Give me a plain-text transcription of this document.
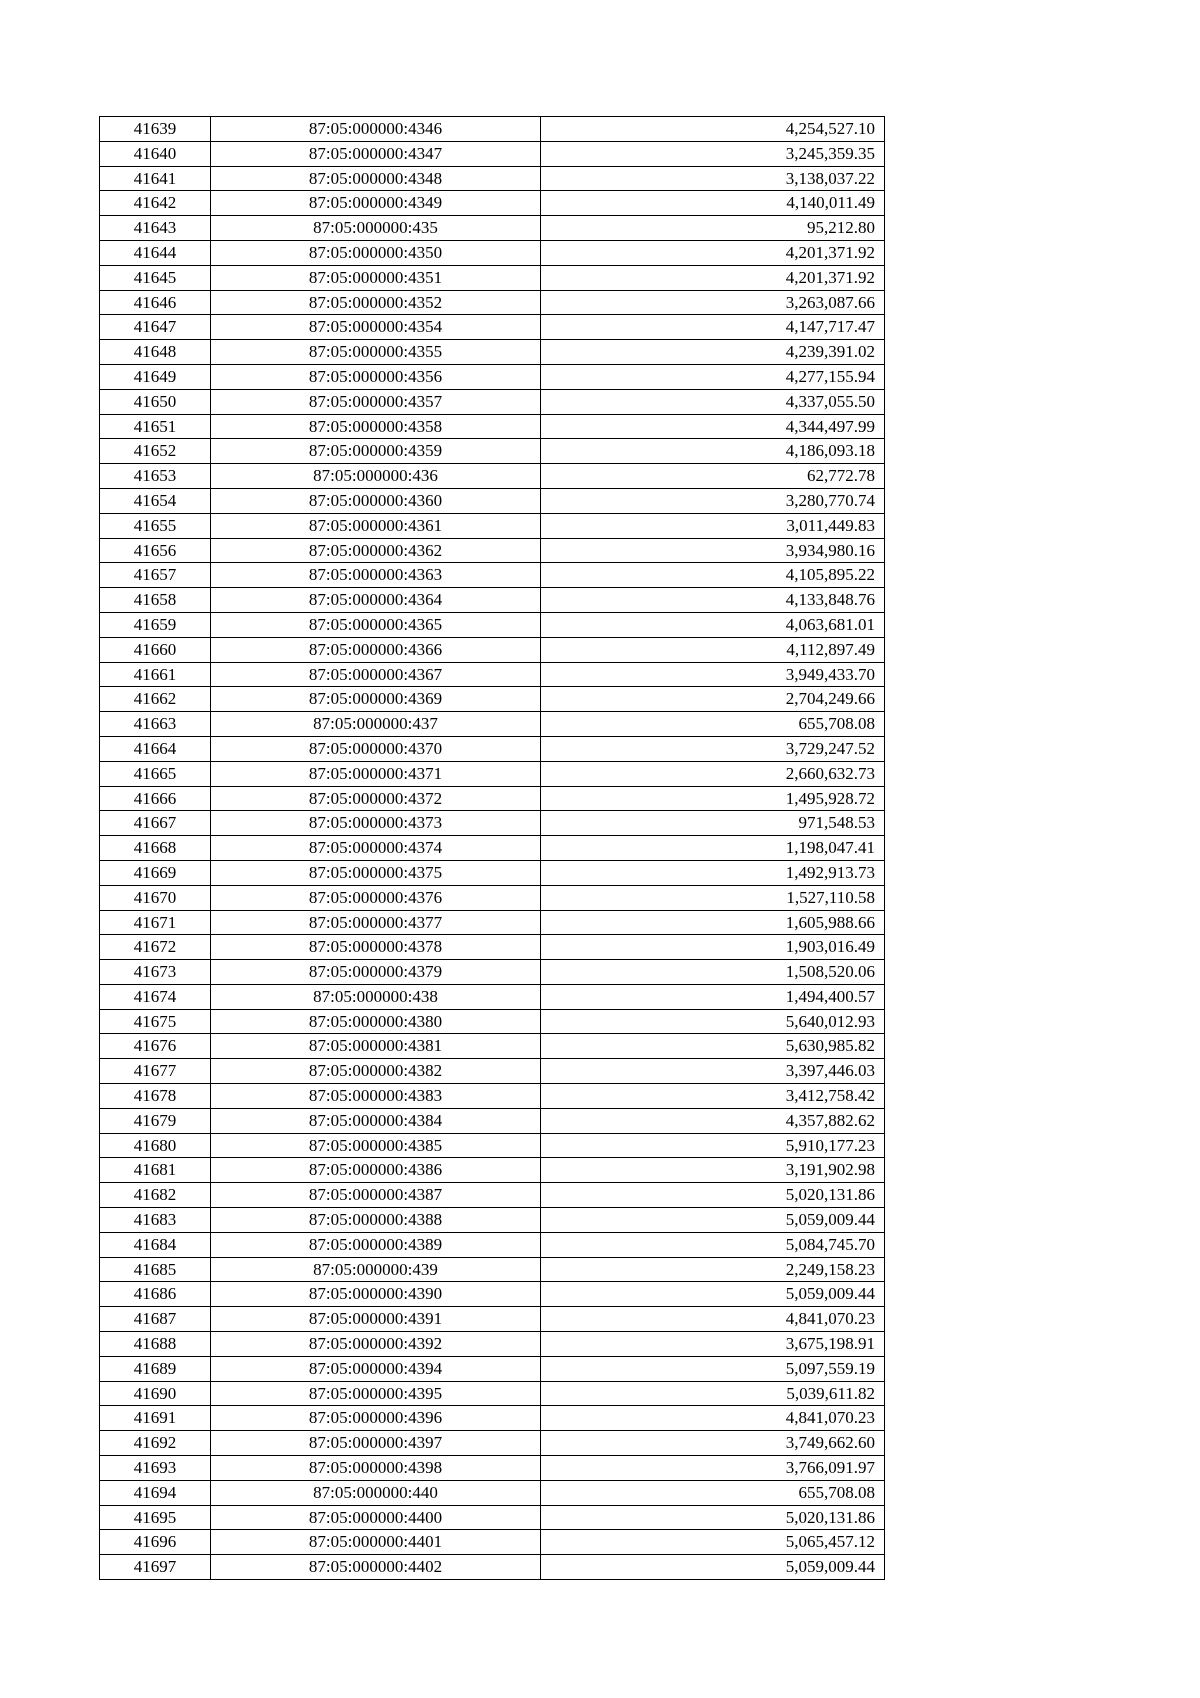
41639	87:05:000000:4346	4,254,527.10
41640	87:05:000000:4347	3,245,359.35
41641	87:05:000000:4348	3,138,037.22
41642	87:05:000000:4349	4,140,011.49
41643	87:05:000000:435	95,212.80
41644	87:05:000000:4350	4,201,371.92
41645	87:05:000000:4351	4,201,371.92
41646	87:05:000000:4352	3,263,087.66
41647	87:05:000000:4354	4,147,717.47
41648	87:05:000000:4355	4,239,391.02
41649	87:05:000000:4356	4,277,155.94
41650	87:05:000000:4357	4,337,055.50
41651	87:05:000000:4358	4,344,497.99
41652	87:05:000000:4359	4,186,093.18
41653	87:05:000000:436	62,772.78
41654	87:05:000000:4360	3,280,770.74
41655	87:05:000000:4361	3,011,449.83
41656	87:05:000000:4362	3,934,980.16
41657	87:05:000000:4363	4,105,895.22
41658	87:05:000000:4364	4,133,848.76
41659	87:05:000000:4365	4,063,681.01
41660	87:05:000000:4366	4,112,897.49
41661	87:05:000000:4367	3,949,433.70
41662	87:05:000000:4369	2,704,249.66
41663	87:05:000000:437	655,708.08
41664	87:05:000000:4370	3,729,247.52
41665	87:05:000000:4371	2,660,632.73
41666	87:05:000000:4372	1,495,928.72
41667	87:05:000000:4373	971,548.53
41668	87:05:000000:4374	1,198,047.41
41669	87:05:000000:4375	1,492,913.73
41670	87:05:000000:4376	1,527,110.58
41671	87:05:000000:4377	1,605,988.66
41672	87:05:000000:4378	1,903,016.49
41673	87:05:000000:4379	1,508,520.06
41674	87:05:000000:438	1,494,400.57
41675	87:05:000000:4380	5,640,012.93
41676	87:05:000000:4381	5,630,985.82
41677	87:05:000000:4382	3,397,446.03
41678	87:05:000000:4383	3,412,758.42
41679	87:05:000000:4384	4,357,882.62
41680	87:05:000000:4385	5,910,177.23
41681	87:05:000000:4386	3,191,902.98
41682	87:05:000000:4387	5,020,131.86
41683	87:05:000000:4388	5,059,009.44
41684	87:05:000000:4389	5,084,745.70
41685	87:05:000000:439	2,249,158.23
41686	87:05:000000:4390	5,059,009.44
41687	87:05:000000:4391	4,841,070.23
41688	87:05:000000:4392	3,675,198.91
41689	87:05:000000:4394	5,097,559.19
41690	87:05:000000:4395	5,039,611.82
41691	87:05:000000:4396	4,841,070.23
41692	87:05:000000:4397	3,749,662.60
41693	87:05:000000:4398	3,766,091.97
41694	87:05:000000:440	655,708.08
41695	87:05:000000:4400	5,020,131.86
41696	87:05:000000:4401	5,065,457.12
41697	87:05:000000:4402	5,059,009.44
